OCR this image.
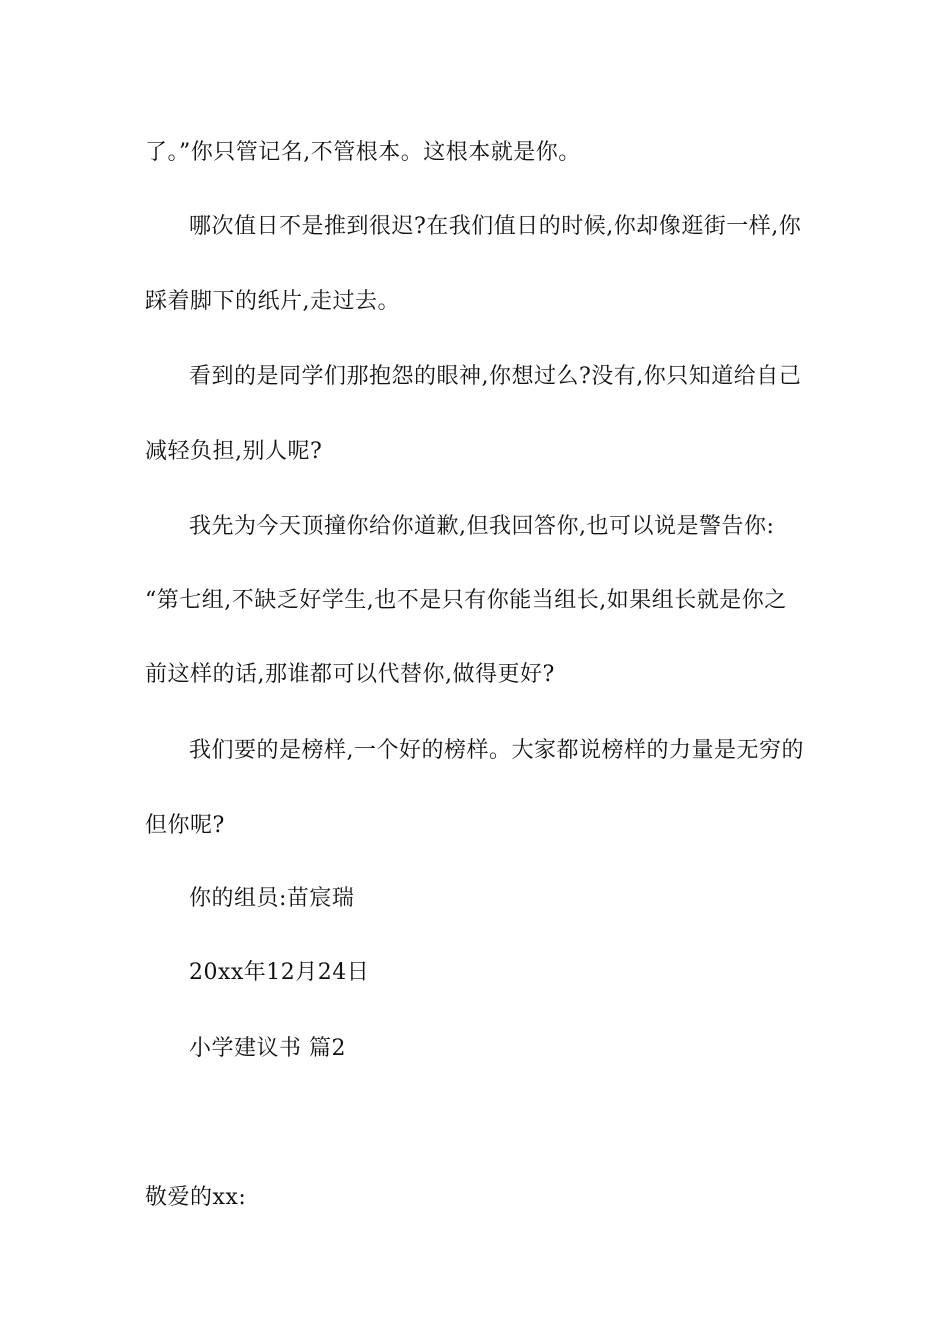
了。”你只管记名,不管根本。这根本就是你。
哪次值日不是推到很迟?在我们值日的时候,你却像逛街一样,你
踩着脚下的纸片,走过去。
看到的是同学们那抱怨的眼神,你想过么?没有,你只知道给自己
减轻负担,别人呢?
我先为今天顶撞你给你道歉,但我回答你,也可以说是警告你:
“第七组,不缺乏好学生,也不是只有你能当组长,如果组长就是你之
前这样的话,那谁都可以代替你,做得更好?
我们要的是榜样,一个好的榜样。大家都说榜样的力量是无穷的
但你呢?
你的组员:苗宸瑞
20xx年12月24日
小学建议书 篇2
敬爱的xx:
